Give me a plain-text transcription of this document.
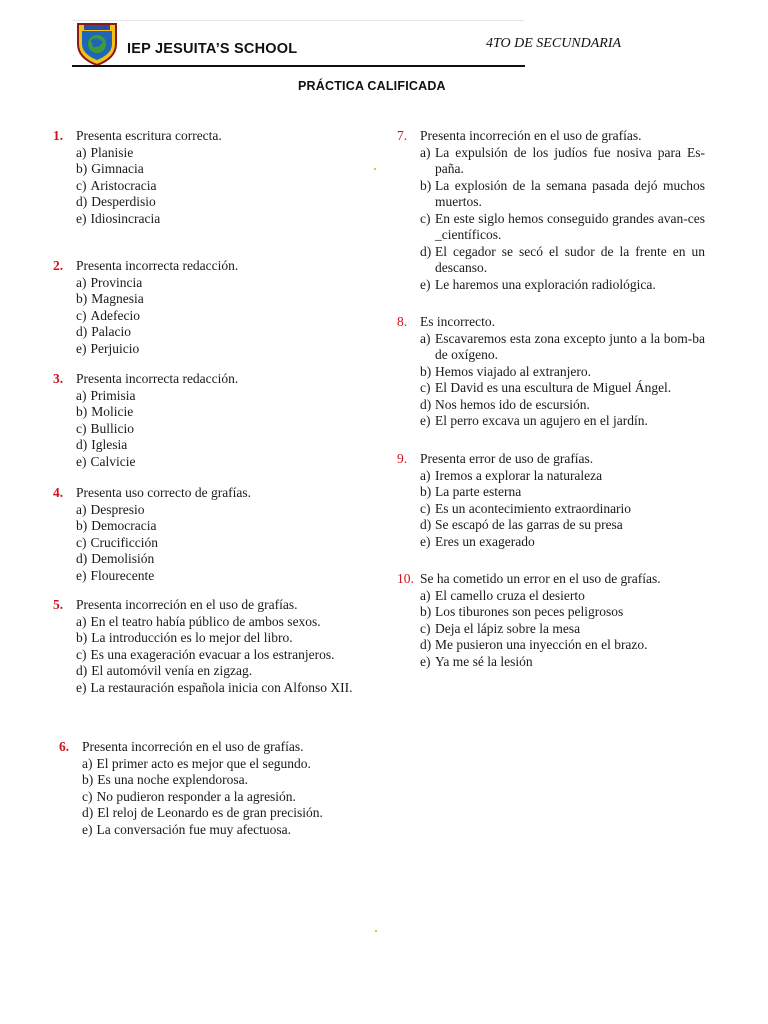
IEP JESUITA’S SCHOOL	4TO DE SECUNDARIA
PRÁCTICA CALIFICADA

1. Presenta escritura correcta.

a) Planisie
b) Gimnacia
c) Aristocracia
d) Desperdisio
e) Idiosincracia

2. Presenta incorrecta redacción.

a) Provincia
b) Magnesia
c) Adefecio
d) Palacio
e) Perjuicio

3. Presenta incorrecta redacción.

a) Primisia
b) Molicie
c) Bullicio
d) Iglesia
e) Calvicie

4. Presenta uso correcto de grafías.

a) Despresio
b) Democracia
c) Crucificción
d) Demolisión
e) Flourecente

5. Presenta incorreción en el uso de grafías.

a) En el teatro había público de ambos sexos.
b) La introducción es lo mejor del libro.
c) Es una exageración evacuar a los estranjeros.
d) El automóvil venía en zigzag.
e) La restauración española inicia con Alfonso XII.

6. Presenta incorreción en el uso de grafías.

a) El primer acto es mejor que el segundo.
b) Es una noche explendorosa.
c) No pudieron responder a la agresión.
d) El reloj de Leonardo es de gran precisión.
e) La conversación fue muy afectuosa.

7. Presenta incorreción en el uso de grafías.

a) La expulsión de los judíos fue nosiva para Es-paña.
b) La explosión de la semana pasada dejó muchos muertos.
c) En este siglo hemos conseguido grandes avan-ces _científicos.
d) El cegador se secó el sudor de la frente en un descanso.
e) Le haremos una exploración radiológica.

8. Es incorrecto.

a) Escavaremos esta zona excepto junto a la bom-ba de oxígeno.
b) Hemos viajado al extranjero.
c) El David es una escultura de Miguel Ángel.
d) Nos hemos ido de escursión.
e) El perro excava un agujero en el jardín.

9. Presenta error de uso de grafías.

a) Iremos a explorar la naturaleza
b) La parte esterna
c) Es un acontecimiento extraordinario
d) Se escapó de las garras de su presa
e) Eres un exagerado

10. Se ha cometido un error en el uso de grafías.

a) El camello cruza el desierto
b) Los tiburones son peces peligrosos
c) Deja el lápiz sobre la mesa
d) Me pusieron una inyección en el brazo.
e) Ya me sé la lesión
